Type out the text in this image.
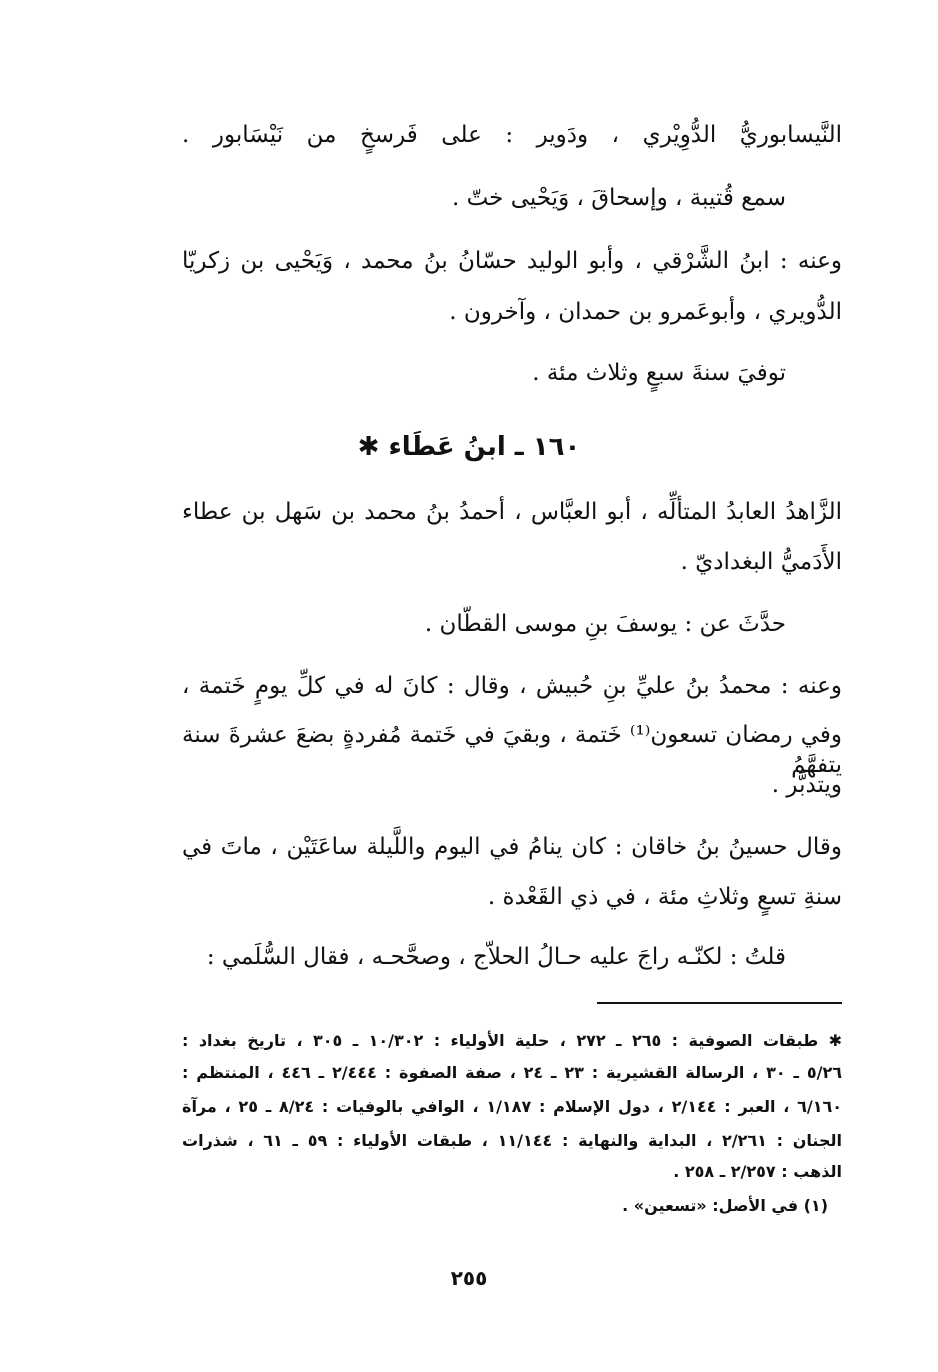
النَّيسابوريُّ الدُّوِيْري ، ودَوير : على فَرسخٍ من نَيْسَابور .
سمع قُتيبة ، وإسحاقَ ، وَيَحْيى ختّ .
وعنه : ابنُ الشَّرْقي ، وأبو الوليد حسّانُ بنُ محمد ، وَيَحْيى بن زكريّا
الدُّويري ، وأبوعَمرو بن حمدان ، وآخرون .
توفيَ سنةَ سبعٍ وثلاث مئة .
١٦٠ ـ ابنُ عَطَاء ✱
الزَّاهدُ العابدُ المتألِّه ، أبو العبَّاس ، أحمدُ بنُ محمد بن سَهل بن عطاء
الأَدَميُّ البغداديّ .
حدَّثَ عن : يوسفَ بنِ موسى القطّان .
وعنه : محمدُ بنُ عليِّ بنِ حُبيش ، وقال : كانَ له في كلِّ يومٍ خَتمة ،
وفي رمضان تسعون⁽¹⁾ خَتمة ، وبقيَ في خَتمة مُفردةٍ بضعَ عشرةَ سنة يتفهَّمُ
ويتدبَّر .
وقال حسينُ بنُ خاقان : كان ينامُ في اليوم واللَّيلة ساعَتَيْن ، ماتَ في
سنةِ تسعٍ وثلاثِ مئة ، في ذي القَعْدة .
قلتُ : لكنّـه راجَ عليه حـالُ الحلاّج ، وصحَّحـه ، فقال السُّلَمي :
✱ طبقات الصوفية : ٢٦٥ ـ ٢٧٢ ، حلية الأولياء : ١٠/٣٠٢ ـ ٣٠٥ ، تاريخ بغداد :
٥/٢٦ ـ ٣٠ ، الرسالة القشيرية : ٢٣ ـ ٢٤ ، صفة الصفوة : ٢/٤٤٤ ـ ٤٤٦ ، المنتظم :
٦/١٦٠ ، العبر : ٢/١٤٤ ، دول الإسلام : ١/١٨٧ ، الوافي بالوفيات : ٨/٢٤ ـ ٢٥ ، مرآة
الجنان : ٢/٢٦١ ، البداية والنهاية : ١١/١٤٤ ، طبقات الأولياء : ٥٩ ـ ٦١ ، شذرات
الذهب : ٢/٢٥٧ ـ ٢٥٨ .
(١) في الأصل: «تسعين» .
٢٥٥
